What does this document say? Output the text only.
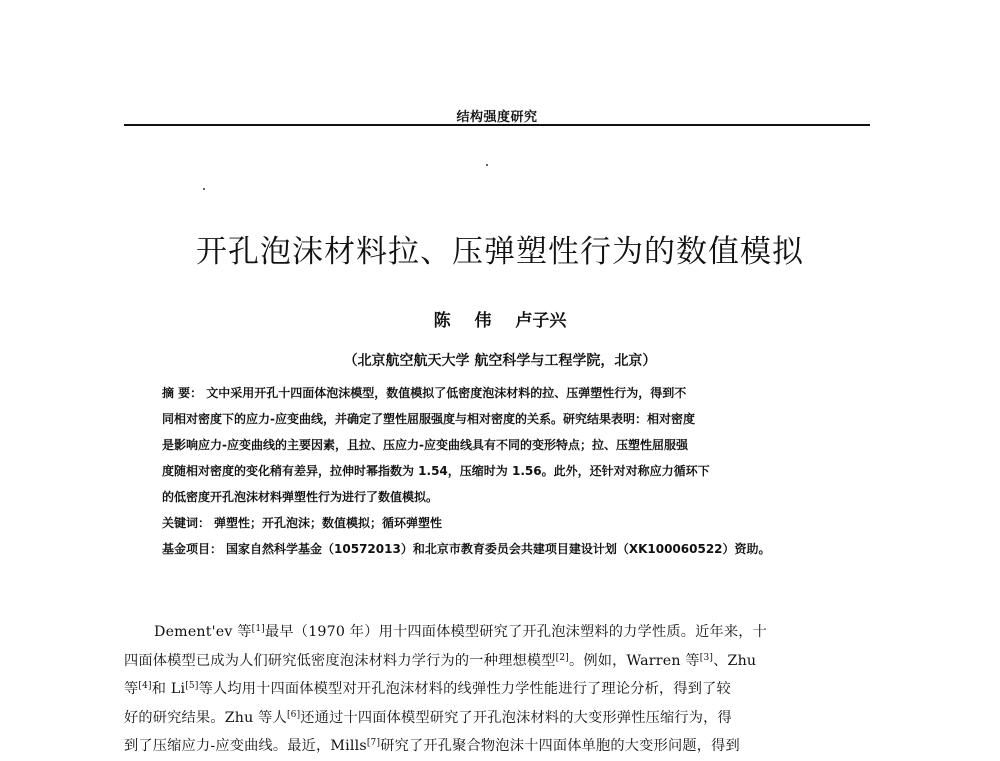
结构强度研究
开孔泡沫材料拉、压弹塑性行为的数值模拟
陈 伟 卢子兴
（北京航空航天大学 航空科学与工程学院，北京）
摘 要： 文中采用开孔十四面体泡沫模型，数值模拟了低密度泡沫材料的拉、压弹塑性行为，得到不
同相对密度下的应力-应变曲线，并确定了塑性屈服强度与相对密度的关系。研究结果表明：相对密度
是影响应力-应变曲线的主要因素，且拉、压应力-应变曲线具有不同的变形特点；拉、压塑性屈服强
度随相对密度的变化稍有差异，拉伸时幂指数为 1.54，压缩时为 1.56。此外，还针对对称应力循环下
的低密度开孔泡沫材料弹塑性行为进行了数值模拟。
关键词： 弹塑性；开孔泡沫；数值模拟；循环弹塑性
基金项目： 国家自然科学基金（10572013）和北京市教育委员会共建项目建设计划（XK100060522）资助。
Dement'ev 等[1]最早（1970 年）用十四面体模型研究了开孔泡沫塑料的力学性质。近年来，十
四面体模型已成为人们研究低密度泡沫材料力学行为的一种理想模型[2]。例如，Warren 等[3]、Zhu
等[4]和 Li[5]等人均用十四面体模型对开孔泡沫材料的线弹性力学性能进行了理论分析，得到了较
好的研究结果。Zhu 等人[6]还通过十四面体模型研究了开孔泡沫材料的大变形弹性压缩行为，得
到了压缩应力-应变曲线。最近，Mills[7]研究了开孔聚合物泡沫十四面体单胞的大变形问题，得到
